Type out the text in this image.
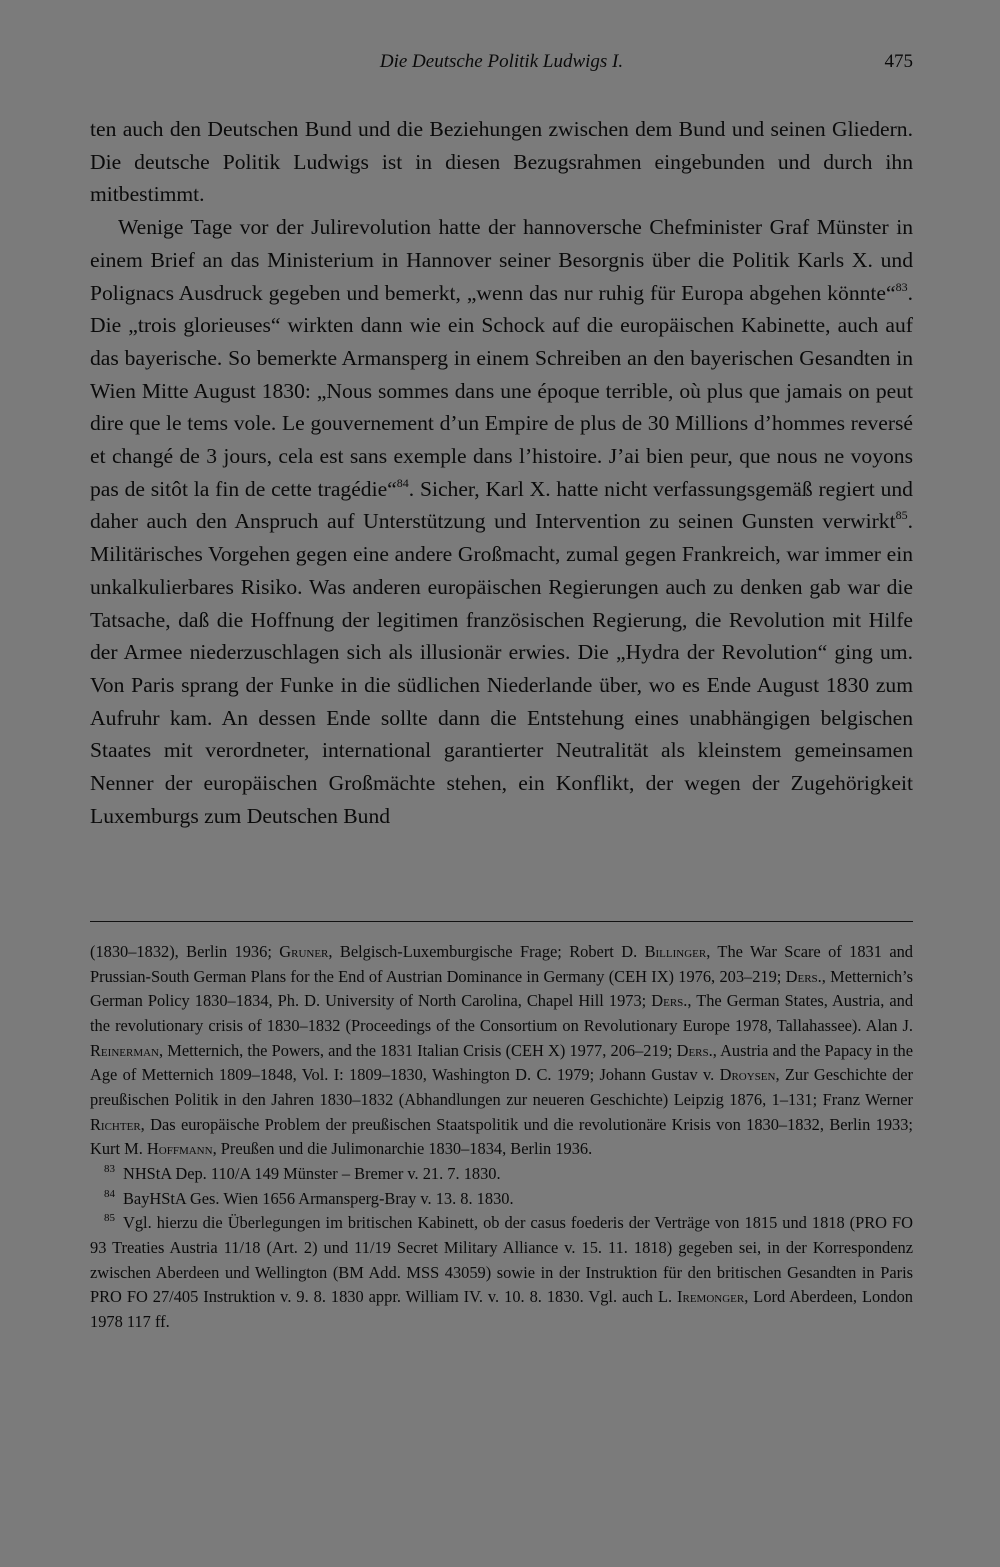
Die Deutsche Politik Ludwigs I.	475

ten auch den Deutschen Bund und die Beziehungen zwischen dem Bund und seinen Gliedern. Die deutsche Politik Ludwigs ist in diesen Bezugsrahmen eingebunden und durch ihn mitbestimmt.

Wenige Tage vor der Julirevolution hatte der hannoversche Chefminister Graf Münster in einem Brief an das Ministerium in Hannover seiner Besorgnis über die Politik Karls X. und Polignacs Ausdruck gegeben und bemerkt, „wenn das nur ruhig für Europa abgehen könnte“$^{83}$. Die „trois glorieuses“ wirkten dann wie ein Schock auf die europäischen Kabinette, auch auf das bayerische. So bemerkte Armansperg in einem Schreiben an den bayerischen Gesandten in Wien Mitte August 1830: „Nous sommes dans une époque terrible, où plus que jamais on peut dire que le tems vole. Le gouvernement d’un Empire de plus de 30 Millions d’hommes reversé et changé de 3 jours, cela est sans exemple dans l’histoire. J’ai bien peur, que nous ne voyons pas de sitôt la fin de cette tragédie“$^{84}$. Sicher, Karl X. hatte nicht verfassungsgemäß regiert und daher auch den Anspruch auf Unterstützung und Intervention zu seinen Gunsten verwirkt$^{85}$. Militärisches Vorgehen gegen eine andere Großmacht, zumal gegen Frankreich, war immer ein unkalkulierbares Risiko. Was anderen europäischen Regierungen auch zu denken gab war die Tatsache, daß die Hoffnung der legitimen französischen Regierung, die Revolution mit Hilfe der Armee niederzuschlagen sich als illusionär erwies. Die „Hydra der Revolution“ ging um. Von Paris sprang der Funke in die südlichen Niederlande über, wo es Ende August 1830 zum Aufruhr kam. An dessen Ende sollte dann die Entstehung eines unabhängigen belgischen Staates mit verordneter, international garantierter Neutralität als kleinstem gemeinsamen Nenner der europäischen Großmächte stehen, ein Konflikt, der wegen der Zugehörigkeit Luxemburgs zum Deutschen Bund

(1830–1832), Berlin 1936; Gruner, Belgisch-Luxemburgische Frage; Robert D. Billinger, The War Scare of 1831 and Prussian-South German Plans for the End of Austrian Dominance in Germany (CEH IX) 1976, 203–219; Ders., Metternich’s German Policy 1830–1834, Ph. D. University of North Carolina, Chapel Hill 1973; Ders., The German States, Austria, and the revolutionary crisis of 1830–1832 (Proceedings of the Consortium on Revolutionary Europe 1978, Tallahassee). Alan J. Reinerman, Metternich, the Powers, and the 1831 Italian Crisis (CEH X) 1977, 206–219; Ders., Austria and the Papacy in the Age of Metternich 1809–1848, Vol. I: 1809–1830, Washington D. C. 1979; Johann Gustav v. Droysen, Zur Geschichte der preußischen Politik in den Jahren 1830–1832 (Abhandlungen zur neueren Geschichte) Leipzig 1876, 1–131; Franz Werner Richter, Das europäische Problem der preußischen Staatspolitik und die revolutionäre Krisis von 1830–1832, Berlin 1933; Kurt M. Hoffmann, Preußen und die Julimonarchie 1830–1834, Berlin 1936.

$^{83}$ NHStA Dep. 110/A 149 Münster – Bremer v. 21. 7. 1830.

$^{84}$ BayHStA Ges. Wien 1656 Armansperg-Bray v. 13. 8. 1830.

$^{85}$ Vgl. hierzu die Überlegungen im britischen Kabinett, ob der casus foederis der Verträge von 1815 und 1818 (PRO FO 93 Treaties Austria 11/18 (Art. 2) und 11/19 Secret Military Alliance v. 15. 11. 1818) gegeben sei, in der Korrespondenz zwischen Aberdeen und Wellington (BM Add. MSS 43059) sowie in der Instruktion für den britischen Gesandten in Paris PRO FO 27/405 Instruktion v. 9. 8. 1830 appr. William IV. v. 10. 8. 1830. Vgl. auch L. Iremonger, Lord Aberdeen, London 1978 117 ff.
